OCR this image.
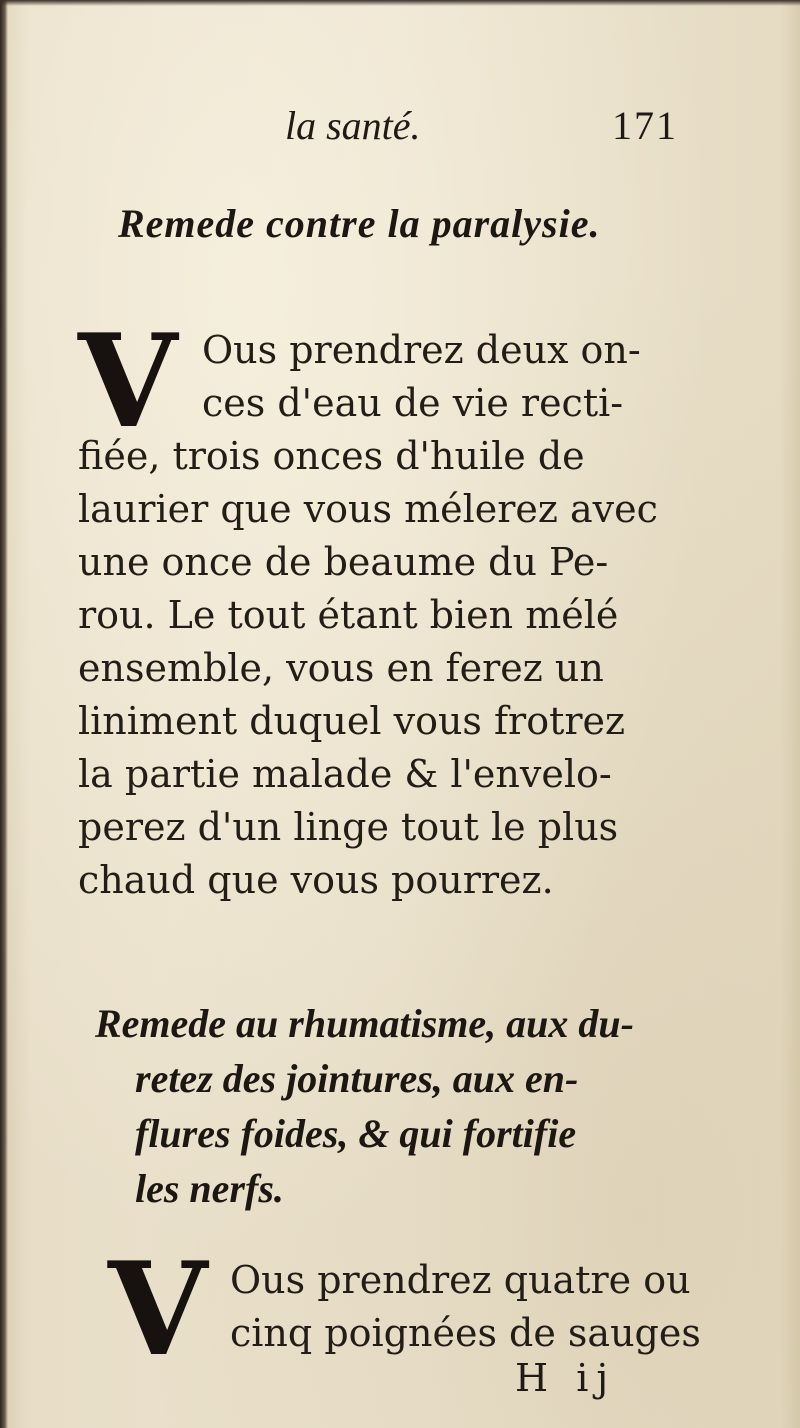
la santé.	171
Remede contre la paralysie.
V Ous prendrez deux on-
ces d'eau de vie recti-
fiée, trois onces d'huile de
laurier que vous mélerez avec
une once de beaume du Pe-
rou. Le tout étant bien mélé
ensemble, vous en ferez un
liniment duquel vous frotrez
la partie malade & l'envelo-
perez d'un linge tout le plus
chaud que vous pourrez.
Remede au rhumatisme, aux du-
retez des jointures, aux en-
flures foides, & qui fortifie
les nerfs.
V Ous prendrez quatre ou
cinq poignées de sauges
H ij
